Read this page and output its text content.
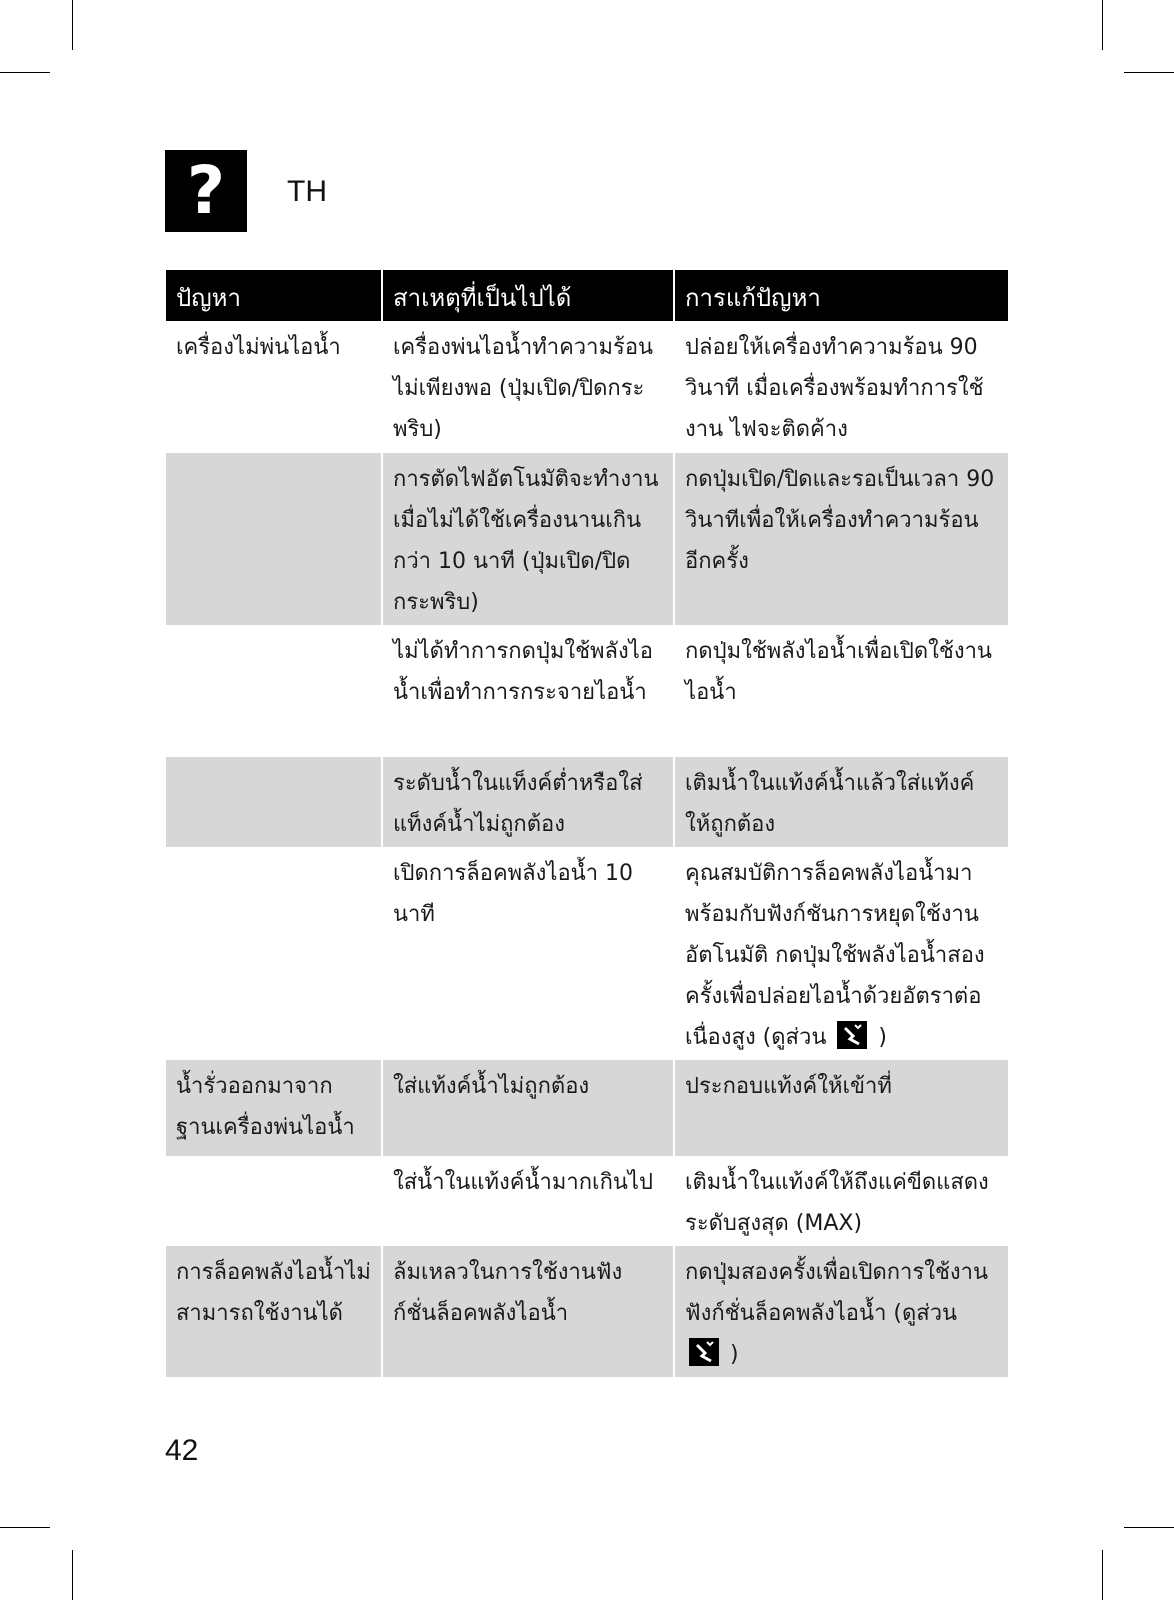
? TH
ปัญหา	สาเหตุที่เป็นไปได้	การแก้ปัญหา
เครื่องไม่พ่นไอน้ำ	เครื่องพ่นไอน้ำทำความร้อนไม่เพียงพอ (ปุ่มเปิด/ปิดกระพริบ)	ปล่อยให้เครื่องทำความร้อน 90 วินาที เมื่อเครื่องพร้อมทำการใช้งาน ไฟจะติดค้าง
	การตัดไฟอัตโนมัติจะทำงานเมื่อไม่ได้ใช้เครื่องนานเกินกว่า 10 นาที (ปุ่มเปิด/ปิดกระพริบ)	กดปุ่มเปิด/ปิดและรอเป็นเวลา 90 วินาทีเพื่อให้เครื่องทำความร้อนอีกครั้ง
	ไม่ได้ทำการกดปุ่มใช้พลังไอน้ำเพื่อทำการกระจายไอน้ำ	กดปุ่มใช้พลังไอน้ำเพื่อเปิดใช้งานไอน้ำ
	ระดับน้ำในแท็งค์ต่ำหรือใส่แท็งค์น้ำไม่ถูกต้อง	เติมน้ำในแท้งค์น้ำแล้วใส่แท้งค์ให้ถูกต้อง
	เปิดการล็อคพลังไอน้ำ 10 นาที	คุณสมบัติการล็อคพลังไอน้ำมาพร้อมกับฟังก์ชันการหยุดใช้งานอัตโนมัติ กดปุ่มใช้พลังไอน้ำสองครั้งเพื่อปล่อยไอน้ำด้วยอัตราต่อเนื่องสูง (ดูส่วน )
น้ำรั่วออกมาจากฐานเครื่องพ่นไอน้ำ	ใส่แท้งค์น้ำไม่ถูกต้อง	ประกอบแท้งค์ให้เข้าที่
	ใส่น้ำในแท้งค์น้ำมากเกินไป	เติมน้ำในแท้งค์ให้ถึงแค่ขีดแสดงระดับสูงสุด (MAX)
การล็อคพลังไอน้ำไม่สามารถใช้งานได้	ล้มเหลวในการใช้งานฟังก์ชั่นล็อคพลังไอน้ำ	กดปุ่มสองครั้งเพื่อเปิดการใช้งานฟังก์ชั่นล็อคพลังไอน้ำ (ดูส่วน
)
42
